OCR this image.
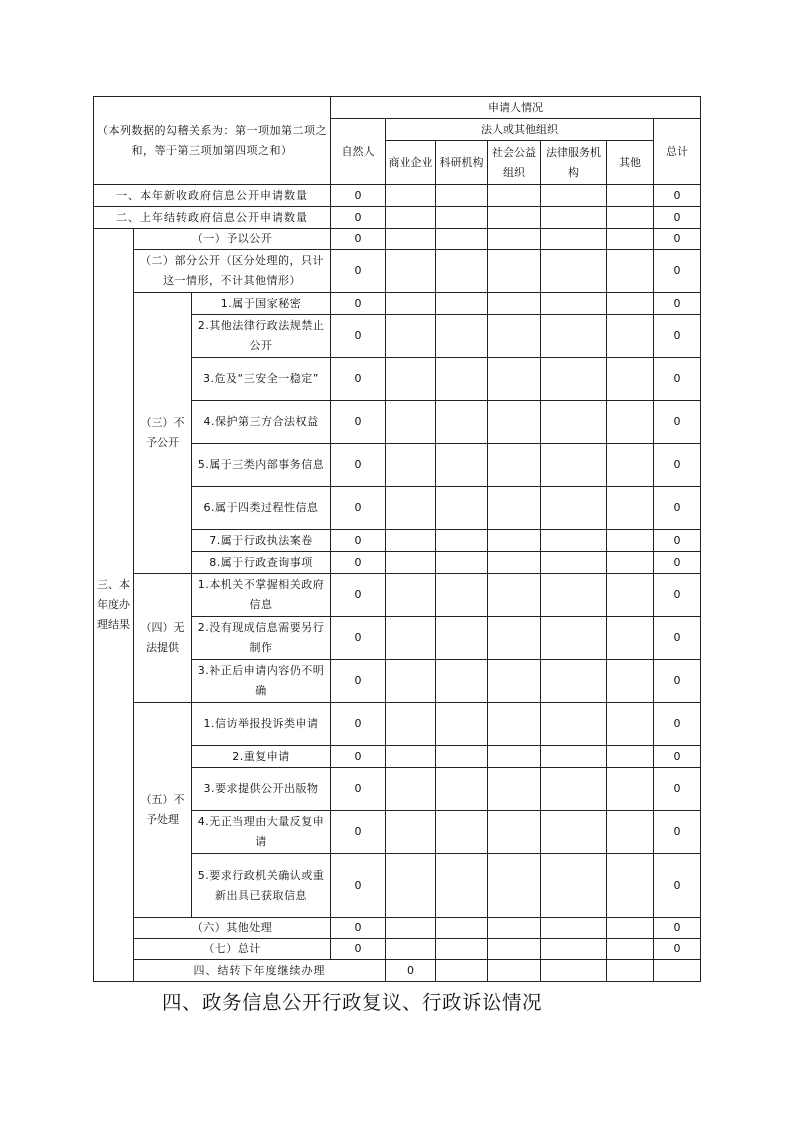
（本列数据的勾稽关系为：第一项加第二项之和，等于第三项加第四项之和）			申请人情况							
			自然人	法人或其他组织					总计	
				商业企业	科研机构	社会公益组织	法律服务机构	其他		
一、本年新收政府信息公开申请数量			0						0	
二、上年结转政府信息公开申请数量			0						0	
三、本年度办理结果	（一）予以公开		0						0	
	（二）部分公开（区分处理的，只计这一情形，不计其他情形）		0						0	
	（三）不予公开	1.属于国家秘密	0						0	
		2.其他法律行政法规禁止公开	0						0	
		3.危及“三安全一稳定”	0						0	
		4.保护第三方合法权益	0						0	
		5.属于三类内部事务信息	0						0	
		6.属于四类过程性信息	0						0	
		7.属于行政执法案卷	0						0	
		8.属于行政查询事项	0						0	
	（四）无法提供	1.本机关不掌握相关政府信息	0						0	
		2.没有现成信息需要另行制作	0						0	
		3.补正后申请内容仍不明确	0						0	
	（五）不予处理	1.信访举报投诉类申请	0						0	
		2.重复申请	0						0	
		3.要求提供公开出版物	0						0	
		4.无正当理由大量反复申请	0						0	
		5.要求行政机关确认或重新出具已获取信息	0						0	
	（六）其他处理		0						0	
	（七）总计		0						0	
	四、结转下年度继续办理			0						
四、政务信息公开行政复议、行政诉讼情况
